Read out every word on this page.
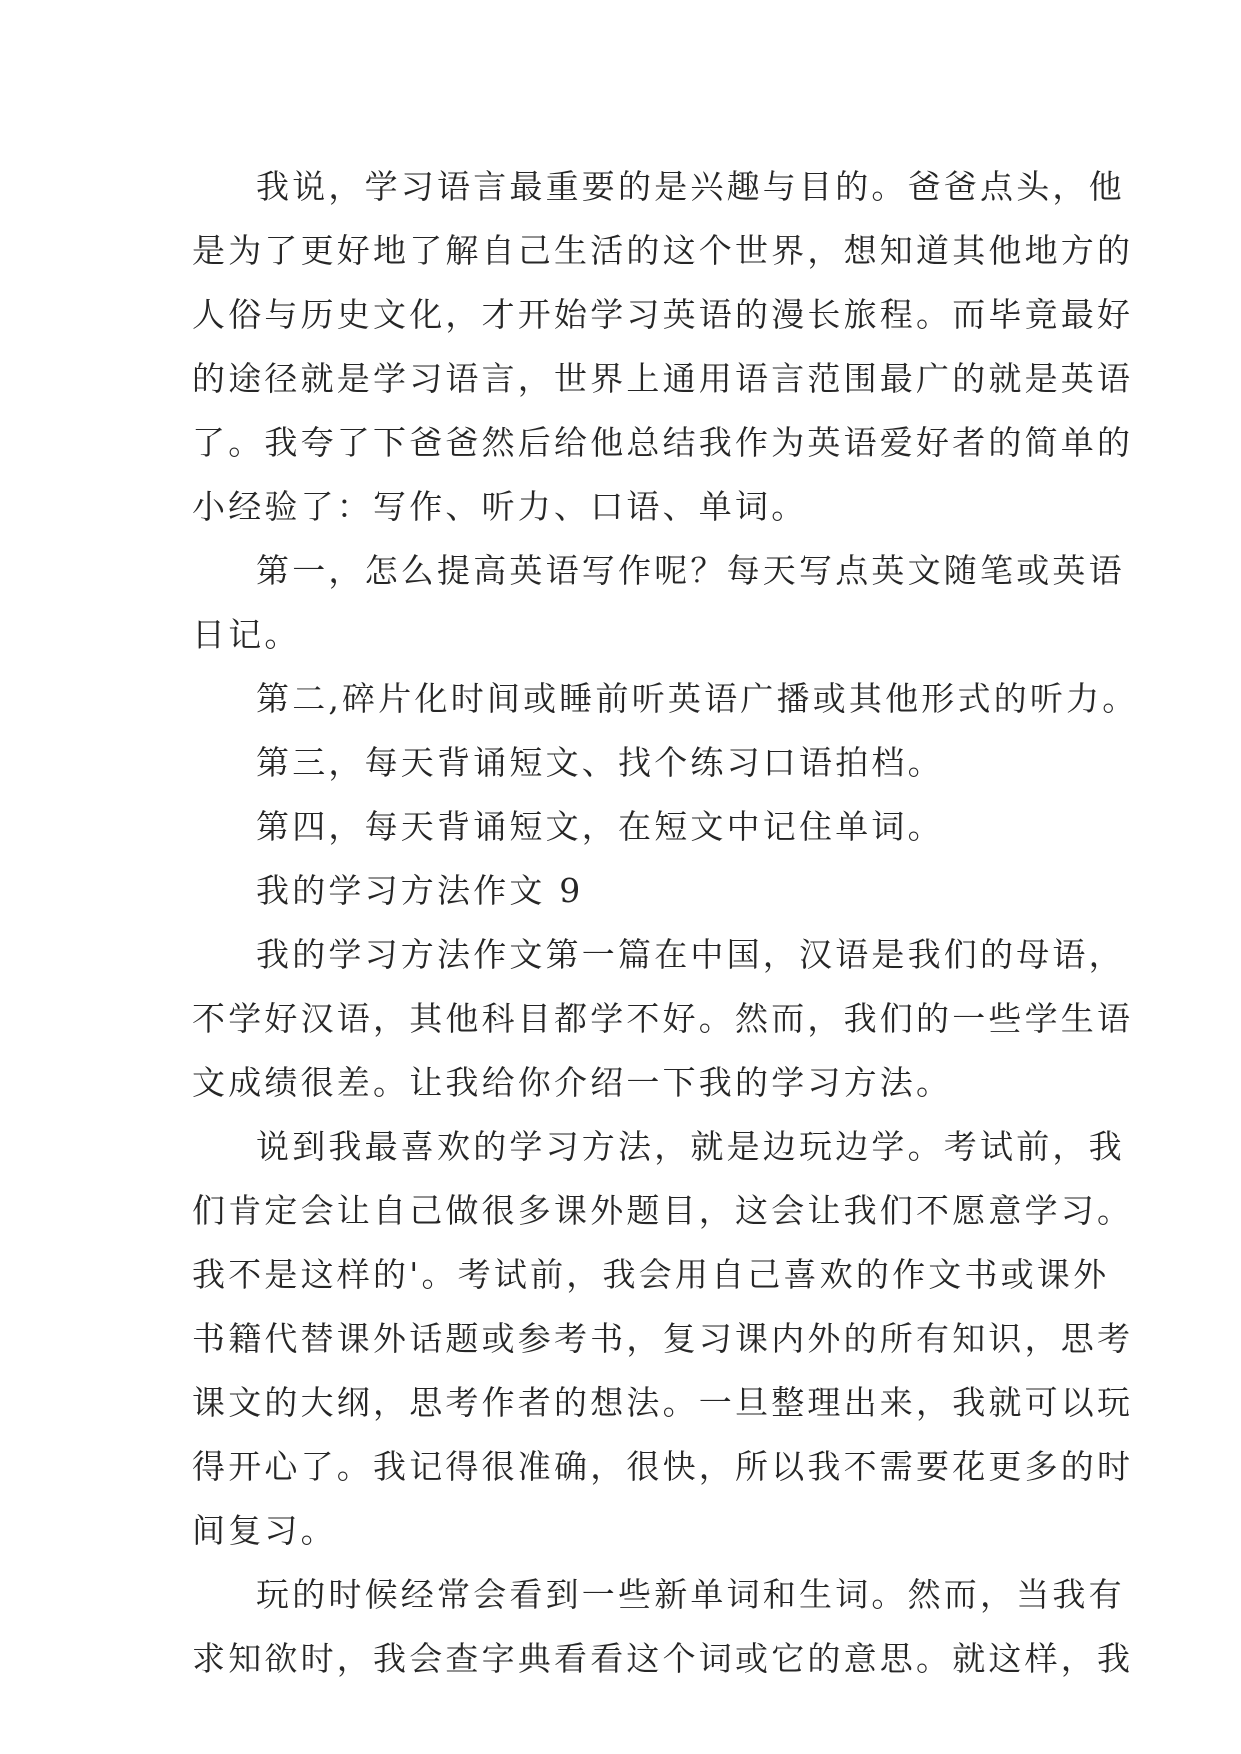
我说，学习语言最重要的是兴趣与目的。爸爸点头，他
是为了更好地了解自己生活的这个世界，想知道其他地方的
人俗与历史文化，才开始学习英语的漫长旅程。而毕竟最好
的途径就是学习语言，世界上通用语言范围最广的就是英语
了。我夸了下爸爸然后给他总结我作为英语爱好者的简单的
小经验了：写作、听力、口语、单词。
第一，怎么提高英语写作呢？每天写点英文随笔或英语
日记。
第二,碎片化时间或睡前听英语广播或其他形式的听力。
第三，每天背诵短文、找个练习口语拍档。
第四，每天背诵短文，在短文中记住单词。
我的学习方法作文 9
我的学习方法作文第一篇在中国，汉语是我们的母语，
不学好汉语，其他科目都学不好。然而，我们的一些学生语
文成绩很差。让我给你介绍一下我的学习方法。
说到我最喜欢的学习方法，就是边玩边学。考试前，我
们肯定会让自己做很多课外题目，这会让我们不愿意学习。
我不是这样的'。考试前，我会用自己喜欢的作文书或课外
书籍代替课外话题或参考书，复习课内外的所有知识，思考
课文的大纲，思考作者的想法。一旦整理出来，我就可以玩
得开心了。我记得很准确，很快，所以我不需要花更多的时
间复习。
玩的时候经常会看到一些新单词和生词。然而，当我有
求知欲时，我会查字典看看这个词或它的意思。就这样，我
